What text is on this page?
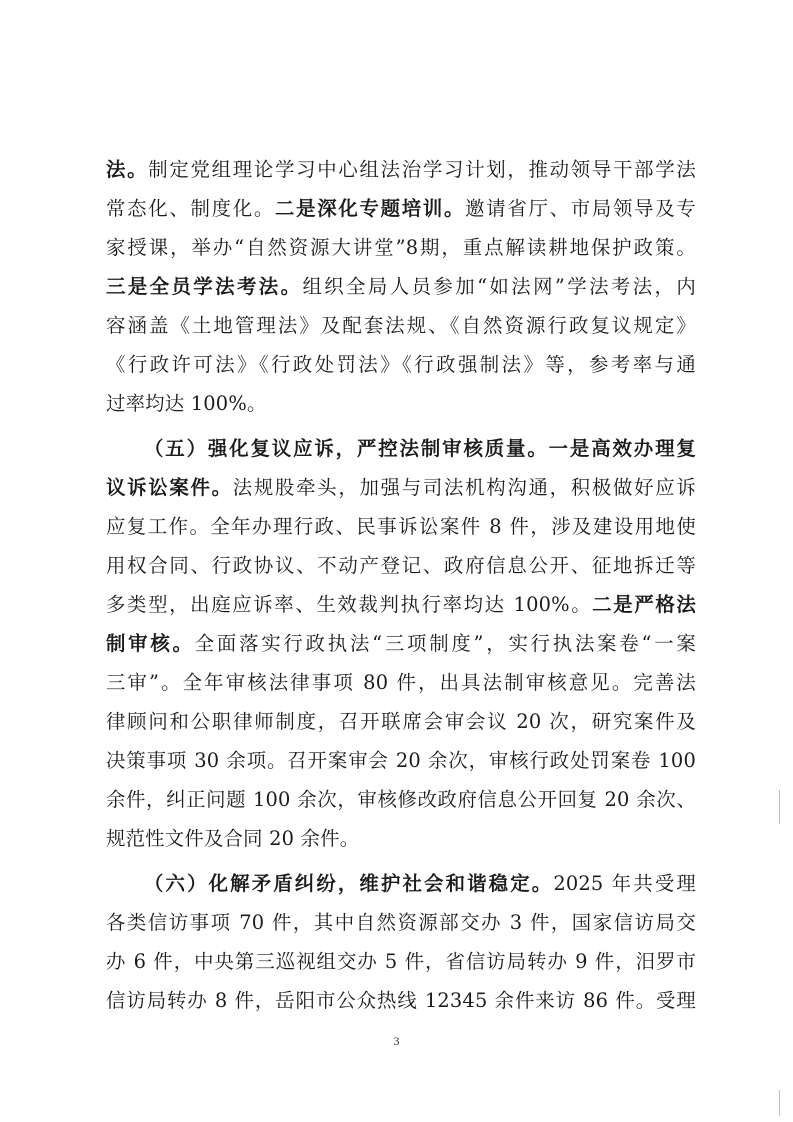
法。制定党组理论学习中心组法治学习计划，推动领导干部学法
常态化、制度化。二是深化专题培训。邀请省厅、市局领导及专
家授课，举办“自然资源大讲堂”8期，重点解读耕地保护政策。
三是全员学法考法。组织全局人员参加“如法网”学法考法，内
容涵盖《土地管理法》及配套法规、《自然资源行政复议规定》
《行政许可法》《行政处罚法》《行政强制法》等，参考率与通
过率均达 100%。
（五）强化复议应诉，严控法制审核质量。一是高效办理复
议诉讼案件。法规股牵头，加强与司法机构沟通，积极做好应诉
应复工作。全年办理行政、民事诉讼案件 8 件，涉及建设用地使
用权合同、行政协议、不动产登记、政府信息公开、征地拆迁等
多类型，出庭应诉率、生效裁判执行率均达 100%。二是严格法
制审核。全面落实行政执法“三项制度”，实行执法案卷“一案
三审”。全年审核法律事项 80 件，出具法制审核意见。完善法
律顾问和公职律师制度，召开联席会审会议 20 次，研究案件及
决策事项 30 余项。召开案审会 20 余次，审核行政处罚案卷 100
余件，纠正问题 100 余次，审核修改政府信息公开回复 20 余次、
规范性文件及合同 20 余件。
（六）化解矛盾纠纷，维护社会和谐稳定。2025 年共受理
各类信访事项 70 件，其中自然资源部交办 3 件，国家信访局交
办 6 件，中央第三巡视组交办 5 件，省信访局转办 9 件，汨罗市
信访局转办 8 件，岳阳市公众热线 12345 余件来访 86 件。受理
3
